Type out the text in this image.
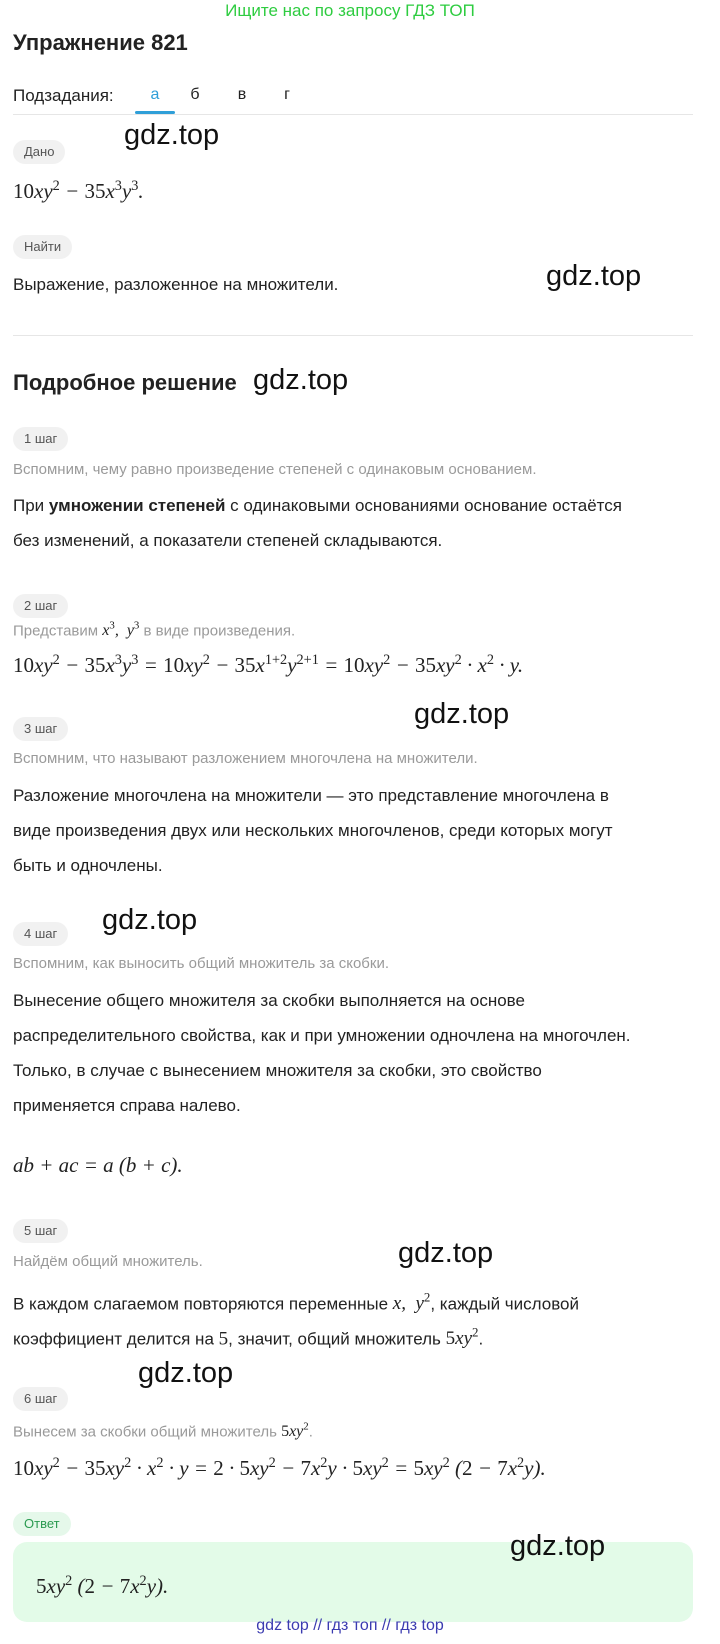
Ищите нас по запросу ГДЗ ТОП
Упражнение 821
Подзадания:	а	б	в	г
Дано
$10xy^2 - 35x^3y^3$.
Найти
Выражение, разложенное на множители.
Подробное решение
1 шаг
Вспомним, чему равно произведение степеней с одинаковым основанием.
При умножении степеней с одинаковыми основаниями основание остаётся
без изменений, а показатели степеней складываются.
2 шаг
Представим $x^3$,  $y^3$ в виде произведения.
$10xy^2 - 35x^3y^3 = 10xy^2 - 35x^{1+2}y^{2+1} = 10xy^2 - 35xy^2 \cdot x^2 \cdot y$.
3 шаг
Вспомним, что называют разложением многочлена на множители.
Разложение многочлена на множители — это представление многочлена в
виде произведения двух или нескольких многочленов, среди которых могут
быть и одночлены.
4 шаг
Вспомним, как выносить общий множитель за скобки.
Вынесение общего множителя за скобки выполняется на основе
распределительного свойства, как и при умножении одночлена на многочлен.
Только, в случае с вынесением множителя за скобки, это свойство
применяется справа налево.
ab + ac = a (b + c).
5 шаг
Найдём общий множитель.
В каждом слагаемом повторяются переменные x,  $y^2$, каждый числовой
коэффициент делится на 5, значит, общий множитель $5xy^2$.
6 шаг
Вынесем за скобки общий множитель $5xy^2$.
$10xy^2 - 35xy^2 \cdot x^2 \cdot y = 2 \cdot 5xy^2 - 7x^2y \cdot 5xy^2 = 5xy^2$ $(2 - 7x^2y)$.
Ответ
$5xy^2$ $(2 - 7x^2y)$.
gdz.top
gdz.top
gdz.top
gdz.top
gdz.top
gdz.top
gdz.top
gdz.top
gdz top // гдз топ // гдз top
